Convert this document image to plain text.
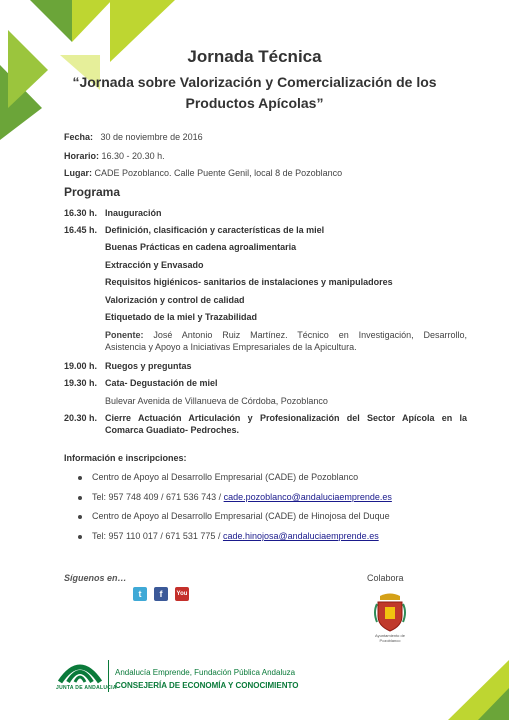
Jornada Técnica
“Jornada sobre Valorización y Comercialización de los
Productos Apícolas”
Fecha: 30 de noviembre de 2016
Horario: 16.30 - 20.30 h.
Lugar: CADE Pozoblanco. Calle Puente Genil, local 8 de Pozoblanco
Programa
16.30 h. Inauguración
16.45 h. Definición, clasificación y características de la miel
Buenas Prácticas en cadena agroalimentaria
Extracción y Envasado
Requisitos higiénicos- sanitarios de instalaciones y manipuladores
Valorización y control de calidad
Etiquetado de la miel y Trazabilidad
Ponente: José Antonio Ruiz Martínez. Técnico en Investigación, Desarrollo,
Asistencia y Apoyo a Iniciativas Empresariales de la Apicultura.
19.00 h. Ruegos y preguntas
19.30 h. Cata- Degustación de miel
Bulevar Avenida de Villanueva de Córdoba, Pozoblanco
20.30 h. Cierre Actuación Articulación y Profesionalización del Sector Apícola en la
Comarca Guadiato- Pedroches.
Información e inscripciones:
Centro de Apoyo al Desarrollo Empresarial (CADE) de Pozoblanco
Tel: 957 748 409 / 671 536 743 / cade.pozoblanco@andaluciaemprende.es
Centro de Apoyo al Desarrollo Empresarial (CADE) de Hinojosa del Duque
Tel: 957 110 017 / 671 531 775 / cade.hinojosa@andaluciaemprende.es
Síguenos en…
t	f	You
Colabora
Ayuntamiento de
Pozoblanco
JUNTA DE ANDALUCIA
Andalucía Emprende, Fundación Pública Andaluza
CONSEJERÍA DE ECONOMÍA Y CONOCIMIENTO
